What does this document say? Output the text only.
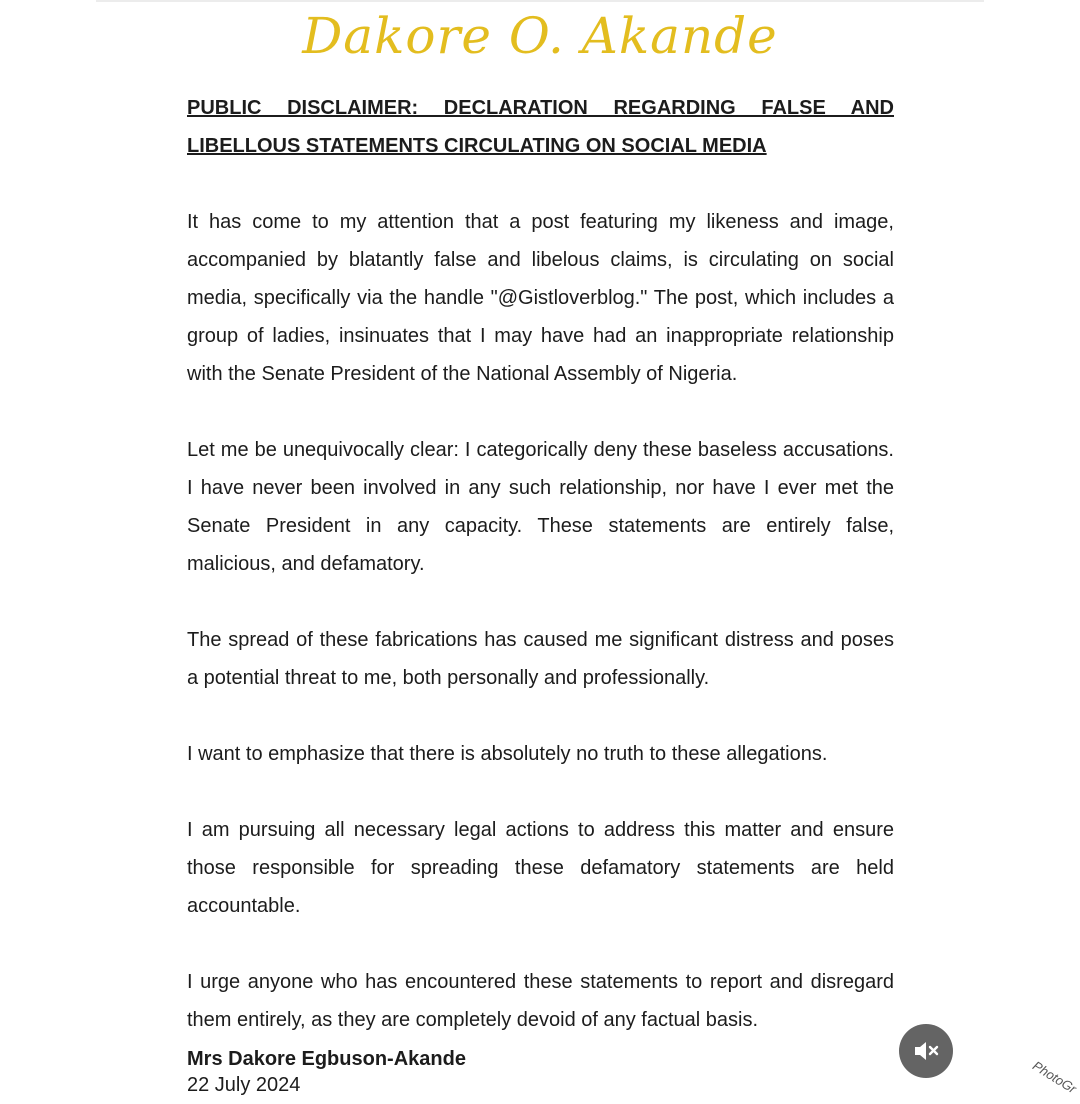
Dakore O. Akande

PUBLIC DISCLAIMER: DECLARATION REGARDING FALSE AND LIBELLOUS STATEMENTS CIRCULATING ON SOCIAL MEDIA

It has come to my attention that a post featuring my likeness and image, accompanied by blatantly false and libelous claims, is circulating on social media, specifically via the handle "@Gistloverblog." The post, which includes a group of ladies, insinuates that I may have had an inappropriate relationship with the Senate President of the National Assembly of Nigeria.

Let me be unequivocally clear: I categorically deny these baseless accusations. I have never been involved in any such relationship, nor have I ever met the Senate President in any capacity. These statements are entirely false, malicious, and defamatory.

The spread of these fabrications has caused me significant distress and poses a potential threat to me, both personally and professionally.

I want to emphasize that there is absolutely no truth to these allegations.

I am pursuing all necessary legal actions to address this matter and ensure those responsible for spreading these defamatory statements are held accountable.

I urge anyone who has encountered these statements to report and disregard them entirely, as they are completely devoid of any factual basis.

Mrs Dakore Egbuson-Akande
22 July 2024	PhotoGr
